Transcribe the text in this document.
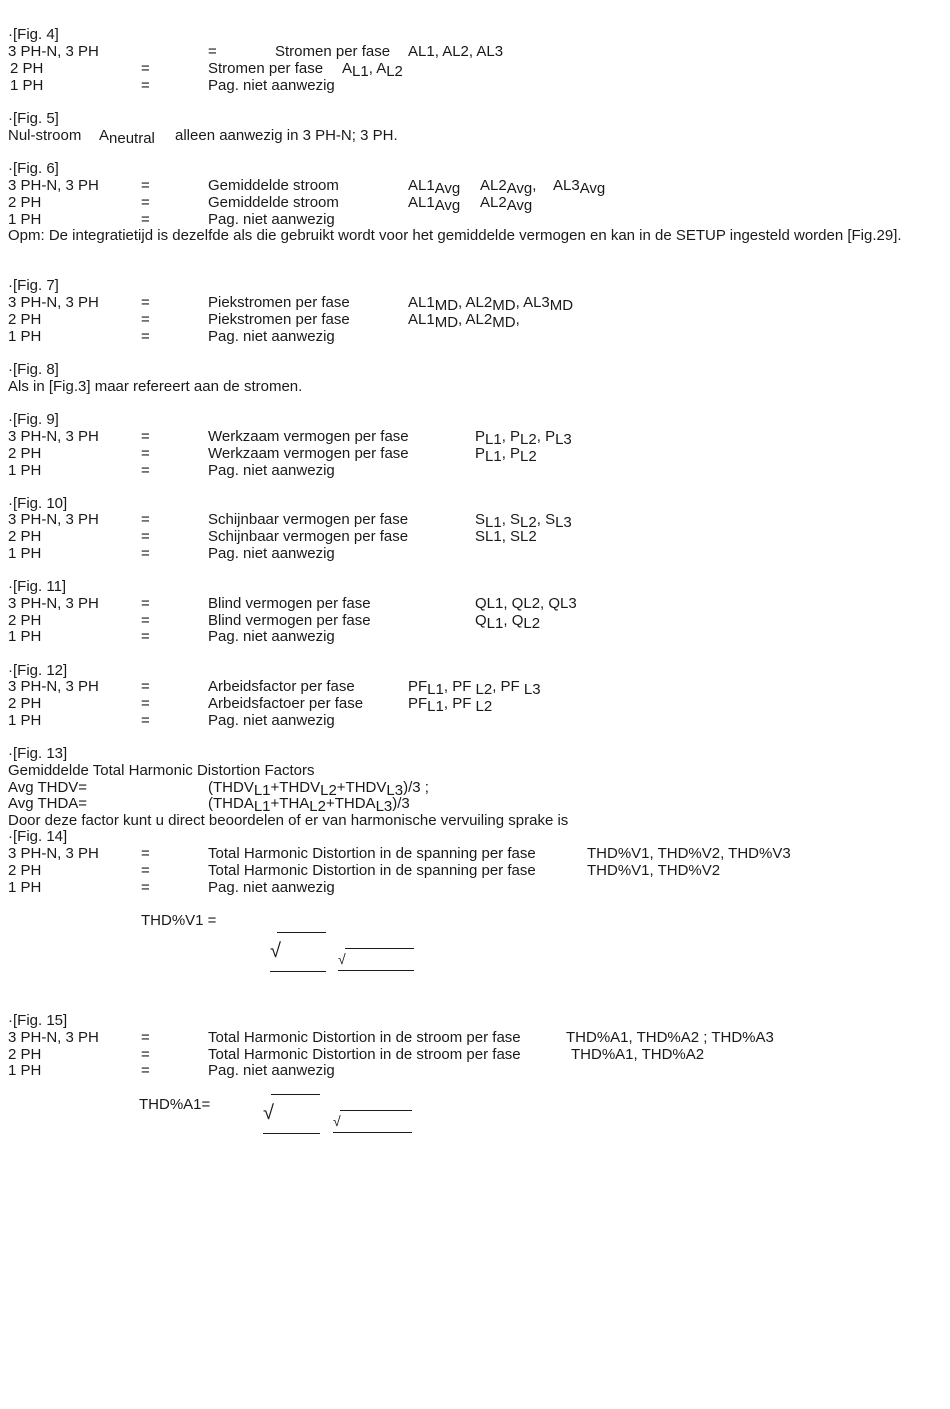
·[Fig. 4]
3 PH-N, 3 PH	=	Stromen per fase AL1, AL2, AL3
2 PH	=	Stromen per fase AL1, AL2
1 PH	=	Pag. niet aanwezig
·[Fig. 5]
Nul-stroom Aneutral alleen aanwezig in 3 PH-N; 3 PH.
·[Fig. 6]
3 PH-N, 3 PH	=	Gemiddelde stroom	AL1Avg AL2Avg, AL3Avg
2 PH	=	Gemiddelde stroom	AL1Avg AL2Avg
1 PH	=	Pag. niet aanwezig
Opm: De integratietijd is dezelfde als die gebruikt wordt voor het gemiddelde vermogen en kan in de SETUP ingesteld worden [Fig.29].
·[Fig. 7]
3 PH-N, 3 PH	=	Piekstromen per fase	AL1MD, AL2MD, AL3MD
2 PH	=	Piekstromen per fase	AL1MD, AL2MD,
1 PH	=	Pag. niet aanwezig
·[Fig. 8]
Als in [Fig.3] maar refereert aan de stromen.
·[Fig. 9]
3 PH-N, 3 PH	=	Werkzaam vermogen per fase	PL1, PL2, PL3
2 PH	=	Werkzaam vermogen per fase	PL1, PL2
1 PH	=	Pag. niet aanwezig
·[Fig. 10]
3 PH-N, 3 PH	=	Schijnbaar vermogen per fase	SL1, SL2, SL3
2 PH	=	Schijnbaar vermogen per fase	SL1, SL2
1 PH	=	Pag. niet aanwezig
·[Fig. 11]
3 PH-N, 3 PH	=	Blind vermogen per fase	QL1, QL2, QL3
2 PH	=	Blind vermogen per fase	QL1, QL2
1 PH	=	Pag. niet aanwezig
·[Fig. 12]
3 PH-N, 3 PH	=	Arbeidsfactor per fase	PFL1, PF L2, PF L3
2 PH	=	Arbeidsfactoer per fase	PFL1, PF L2
1 PH	=	Pag. niet aanwezig
·[Fig. 13]
Gemiddelde Total Harmonic Distortion Factors
Avg THDV=	(THDVL1+THDVL2+THDVL3)/3 ;
Avg THDA=	(THDAL1+THAL2+THDAL3)/3
Door deze factor kunt u direct beoordelen of er van harmonische vervuiling sprake is
·[Fig. 14]
3 PH-N, 3 PH	=	Total Harmonic Distortion in de spanning per fase	THD%V1, THD%V2, THD%V3
2 PH	=	Total Harmonic Distortion in de spanning per fase	THD%V1, THD%V2
1 PH	=	Pag. niet aanwezig
THD%V1 =
√	√
·[Fig. 15]
3 PH-N, 3 PH	=	Total Harmonic Distortion in de stroom per fase	THD%A1, THD%A2 ; THD%A3
2 PH	=	Total Harmonic Distortion in de stroom per fase	THD%A1, THD%A2
1 PH	=	Pag. niet aanwezig
THD%A1=	√	√
